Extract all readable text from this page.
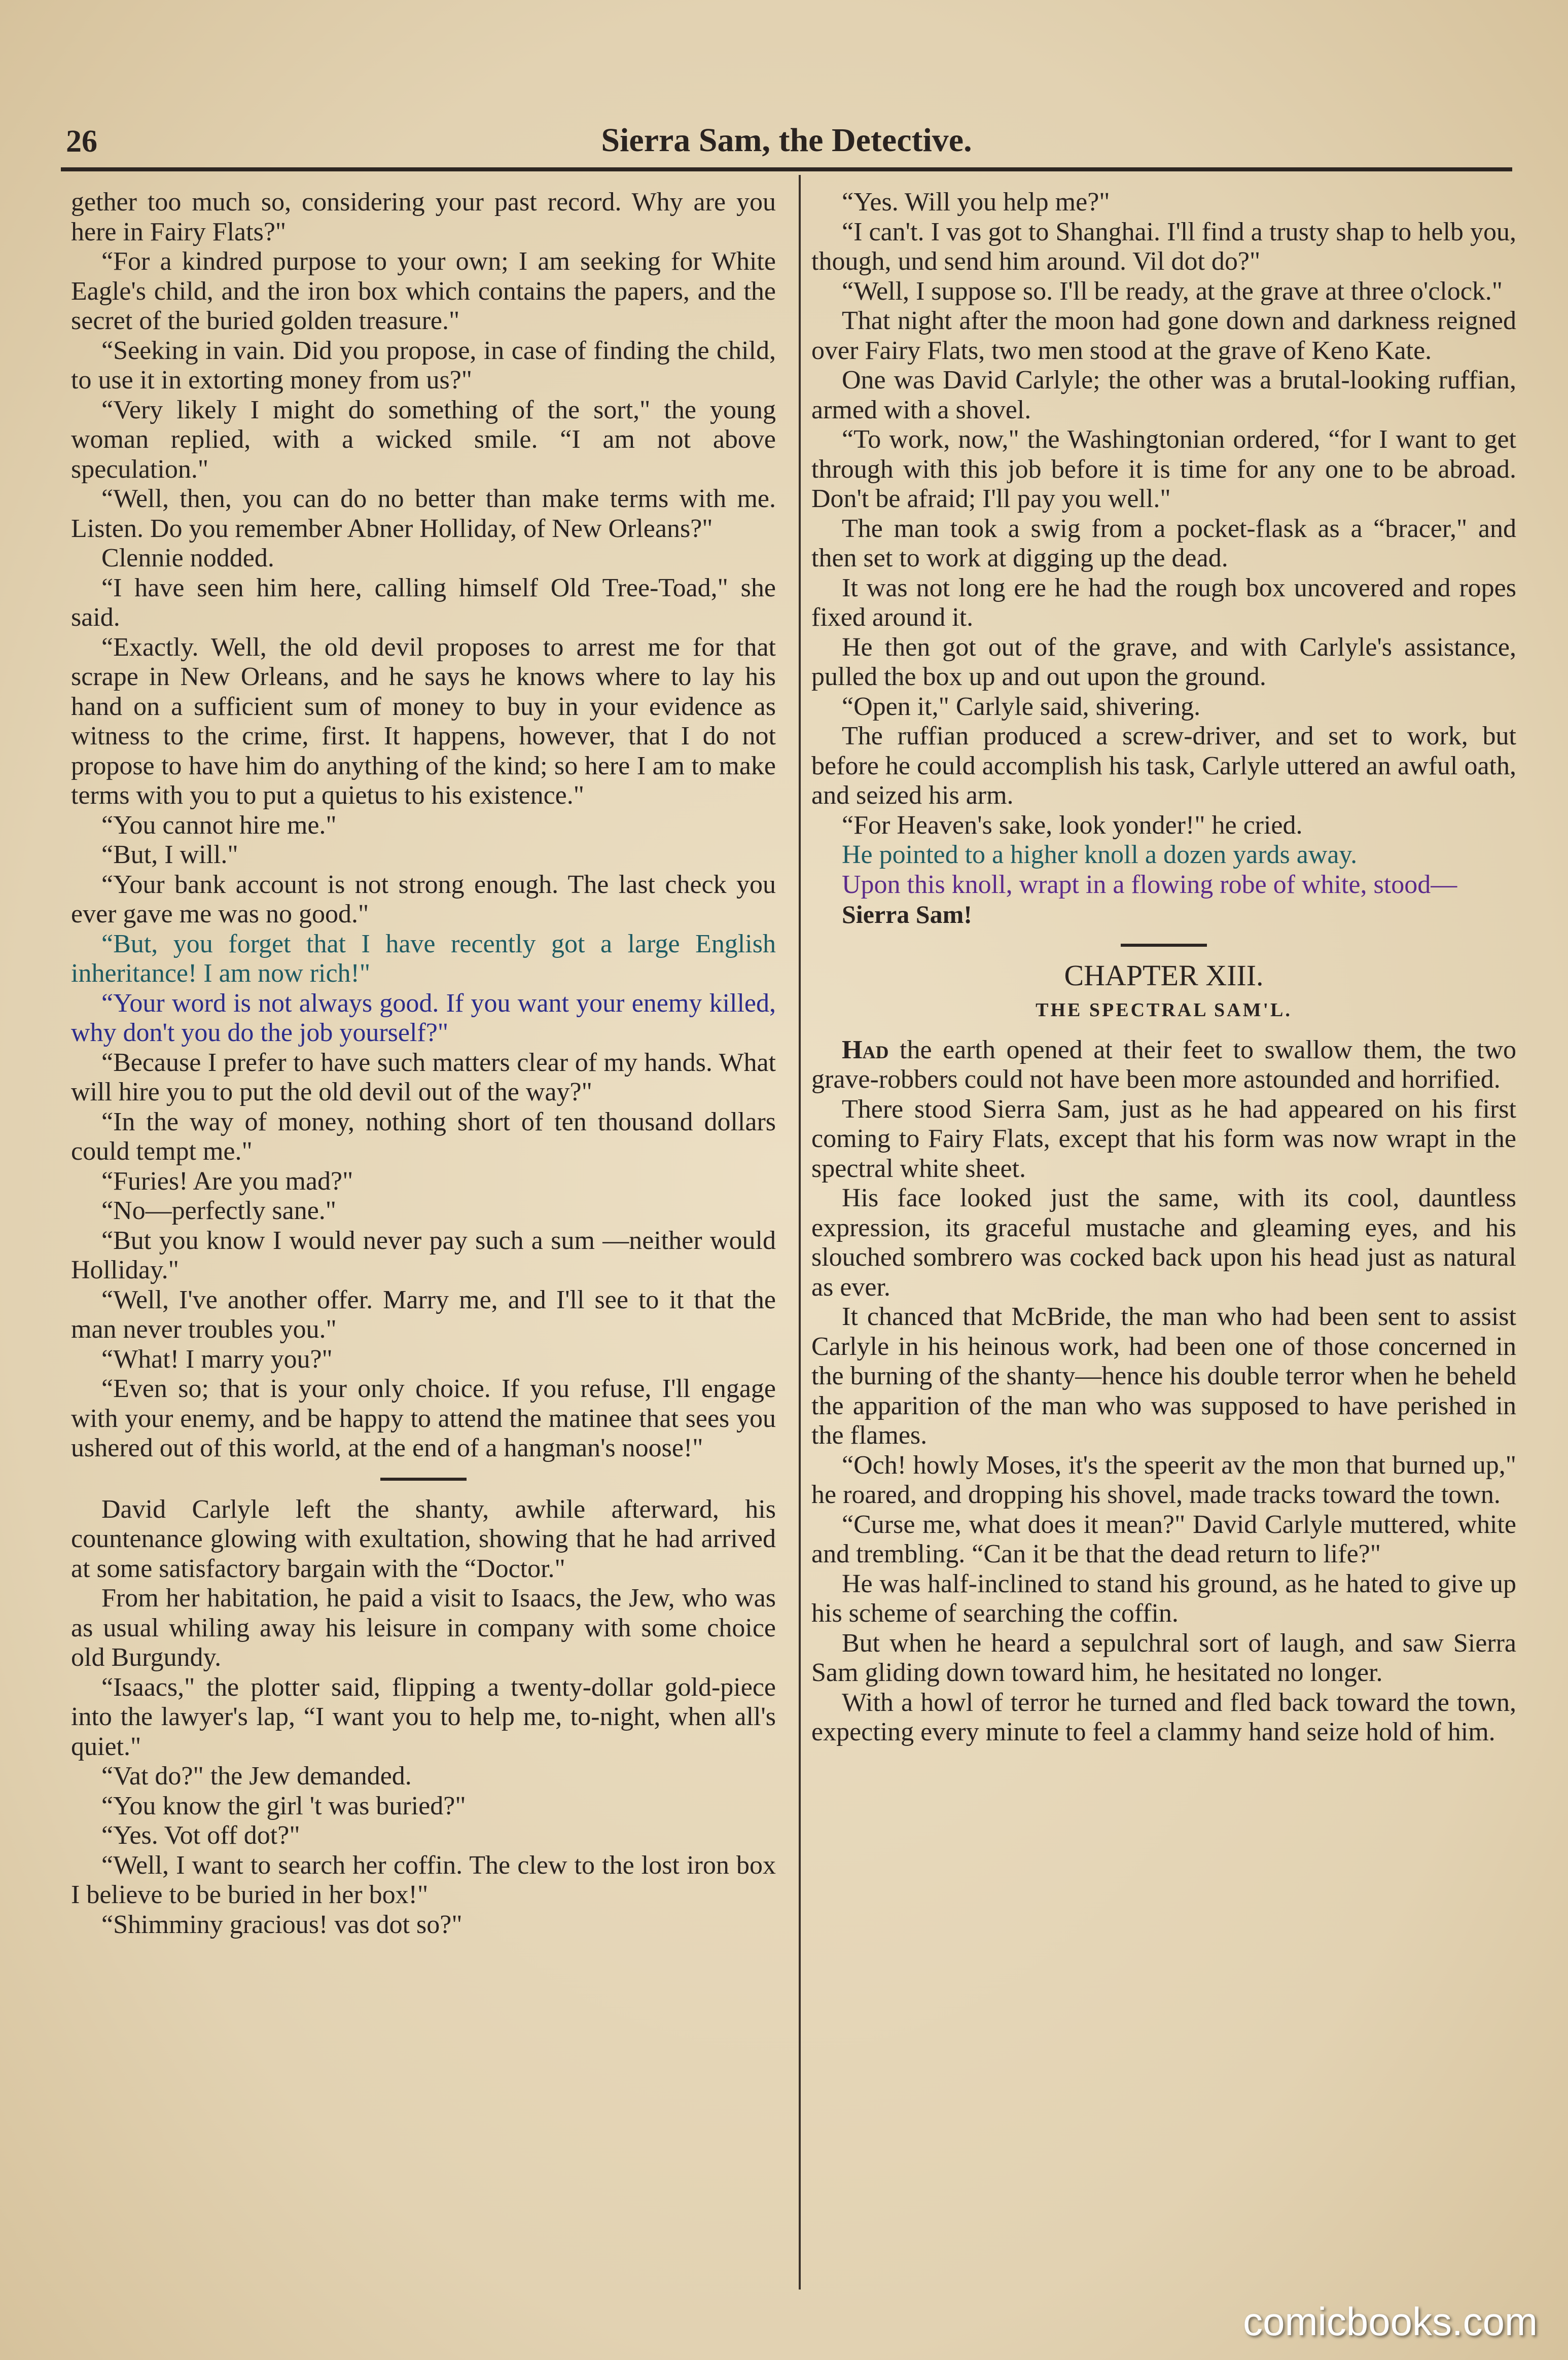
26	Sierra Sam, the Detective.

gether too much so, considering your past record. Why are you here in Fairy Flats?"

“For a kindred purpose to your own; I am seeking for White Eagle's child, and the iron box which contains the papers, and the secret of the buried golden treasure."

“Seeking in vain. Did you propose, in case of finding the child, to use it in extorting money from us?"

“Very likely I might do something of the sort," the young woman replied, with a wicked smile. “I am not above speculation."

“Well, then, you can do no better than make terms with me. Listen. Do you remember Abner Holliday, of New Orleans?"

Clennie nodded.

“I have seen him here, calling himself Old Tree-Toad," she said.

“Exactly. Well, the old devil proposes to arrest me for that scrape in New Orleans, and he says he knows where to lay his hand on a sufficient sum of money to buy in your evidence as witness to the crime, first. It happens, however, that I do not propose to have him do anything of the kind; so here I am to make terms with you to put a quietus to his existence."

“You cannot hire me."

“But, I will."

“Your bank account is not strong enough. The last check you ever gave me was no good."

“But, you forget that I have recently got a large English inheritance! I am now rich!"

“Your word is not always good. If you want your enemy killed, why don't you do the job yourself?"

“Because I prefer to have such matters clear of my hands. What will hire you to put the old devil out of the way?"

“In the way of money, nothing short of ten thousand dollars could tempt me."

“Furies! Are you mad?"

“No—perfectly sane."

“But you know I would never pay such a sum —neither would Holliday."

“Well, I've another offer. Marry me, and I'll see to it that the man never troubles you."

“What! I marry you?"

“Even so; that is your only choice. If you refuse, I'll engage with your enemy, and be happy to attend the matinee that sees you ushered out of this world, at the end of a hangman's noose!"

David Carlyle left the shanty, awhile afterward, his countenance glowing with exultation, showing that he had arrived at some satisfactory bargain with the “Doctor."

From her habitation, he paid a visit to Isaacs, the Jew, who was as usual whiling away his leisure in company with some choice old Burgundy.

“Isaacs," the plotter said, flipping a twenty-dollar gold-piece into the lawyer's lap, “I want you to help me, to-night, when all's quiet."

“Vat do?" the Jew demanded.

“You know the girl 't was buried?"

“Yes. Vot off dot?"

“Well, I want to search her coffin. The clew to the lost iron box I believe to be buried in her box!"

“Shimminy gracious! vas dot so?"

“Yes. Will you help me?"

“I can't. I vas got to Shanghai. I'll find a trusty shap to helb you, though, und send him around. Vil dot do?"

“Well, I suppose so. I'll be ready, at the grave at three o'clock."

That night after the moon had gone down and darkness reigned over Fairy Flats, two men stood at the grave of Keno Kate.

One was David Carlyle; the other was a brutal-looking ruffian, armed with a shovel.

“To work, now," the Washingtonian ordered, “for I want to get through with this job before it is time for any one to be abroad. Don't be afraid; I'll pay you well."

The man took a swig from a pocket-flask as a “bracer," and then set to work at digging up the dead.

It was not long ere he had the rough box uncovered and ropes fixed around it.

He then got out of the grave, and with Carlyle's assistance, pulled the box up and out upon the ground.

“Open it," Carlyle said, shivering.

The ruffian produced a screw-driver, and set to work, but before he could accomplish his task, Carlyle uttered an awful oath, and seized his arm.

“For Heaven's sake, look yonder!" he cried.

He pointed to a higher knoll a dozen yards away.

Upon this knoll, wrapt in a flowing robe of white, stood—

Sierra Sam!
CHAPTER XIII.
THE SPECTRAL SAM'L.

Had the earth opened at their feet to swallow them, the two grave-robbers could not have been more astounded and horrified.

There stood Sierra Sam, just as he had appeared on his first coming to Fairy Flats, except that his form was now wrapt in the spectral white sheet.

His face looked just the same, with its cool, dauntless expression, its graceful mustache and gleaming eyes, and his slouched sombrero was cocked back upon his head just as natural as ever.

It chanced that McBride, the man who had been sent to assist Carlyle in his heinous work, had been one of those concerned in the burning of the shanty—hence his double terror when he beheld the apparition of the man who was supposed to have perished in the flames.

“Och! howly Moses, it's the speerit av the mon that burned up," he roared, and dropping his shovel, made tracks toward the town.

“Curse me, what does it mean?" David Carlyle muttered, white and trembling. “Can it be that the dead return to life?"

He was half-inclined to stand his ground, as he hated to give up his scheme of searching the coffin.

But when he heard a sepulchral sort of laugh, and saw Sierra Sam gliding down toward him, he hesitated no longer.

With a howl of terror he turned and fled back toward the town, expecting every minute to feel a clammy hand seize hold of him.

comicbooks.com
